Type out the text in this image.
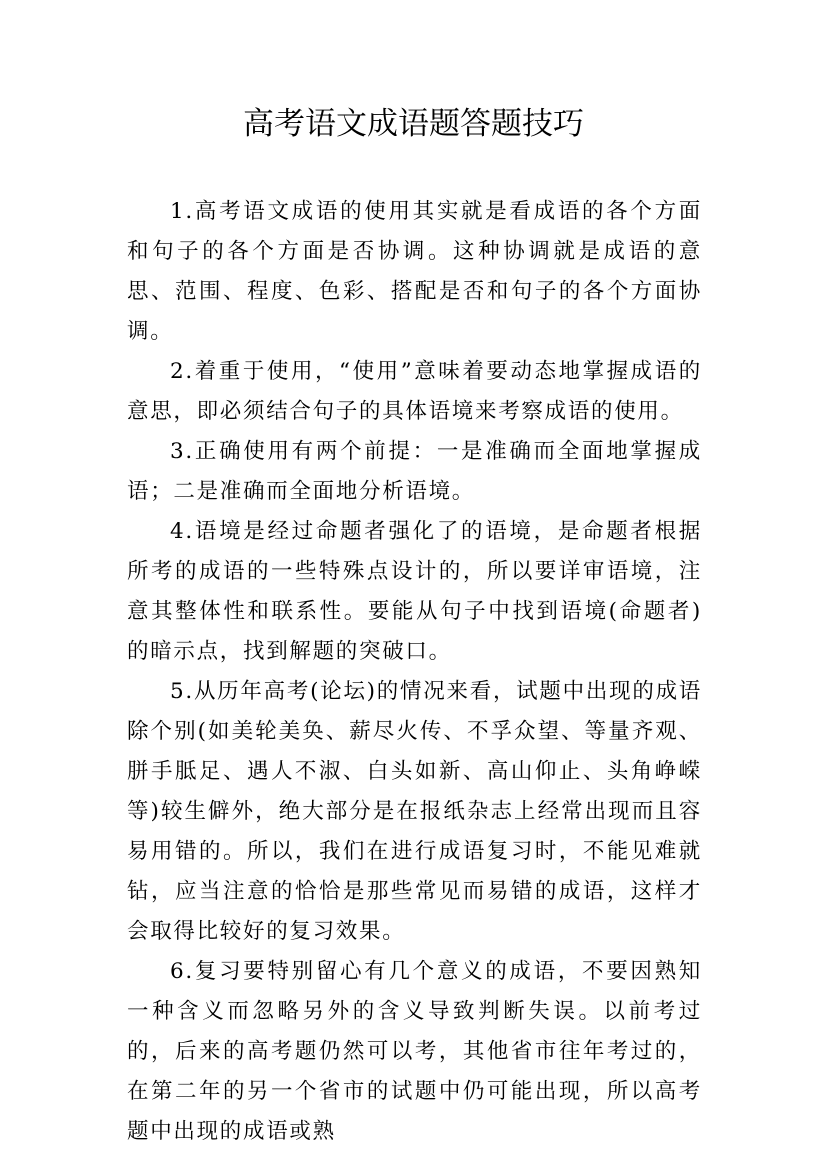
高考语文成语题答题技巧

1.高考语文成语的使用其实就是看成语的各个方面和句子的各个方面是否协调。这种协调就是成语的意思、范围、程度、色彩、搭配是否和句子的各个方面协调。

2.着重于使用，“使用”意味着要动态地掌握成语的意思，即必须结合句子的具体语境来考察成语的使用。

3.正确使用有两个前提：一是准确而全面地掌握成语；二是准确而全面地分析语境。

4.语境是经过命题者强化了的语境，是命题者根据所考的成语的一些特殊点设计的，所以要详审语境，注意其整体性和联系性。要能从句子中找到语境(命题者)的暗示点，找到解题的突破口。

5.从历年高考(论坛)的情况来看，试题中出现的成语除个别(如美轮美奂、薪尽火传、不孚众望、等量齐观、胼手胝足、遇人不淑、白头如新、高山仰止、头角峥嵘等)较生僻外，绝大部分是在报纸杂志上经常出现而且容易用错的。所以，我们在进行成语复习时，不能见难就钻，应当注意的恰恰是那些常见而易错的成语，这样才会取得比较好的复习效果。

6.复习要特别留心有几个意义的成语，不要因熟知一种含义而忽略另外的含义导致判断失误。以前考过的，后来的高考题仍然可以考，其他省市往年考过的，在第二年的另一个省市的试题中仍可能出现，所以高考题中出现的成语或熟
